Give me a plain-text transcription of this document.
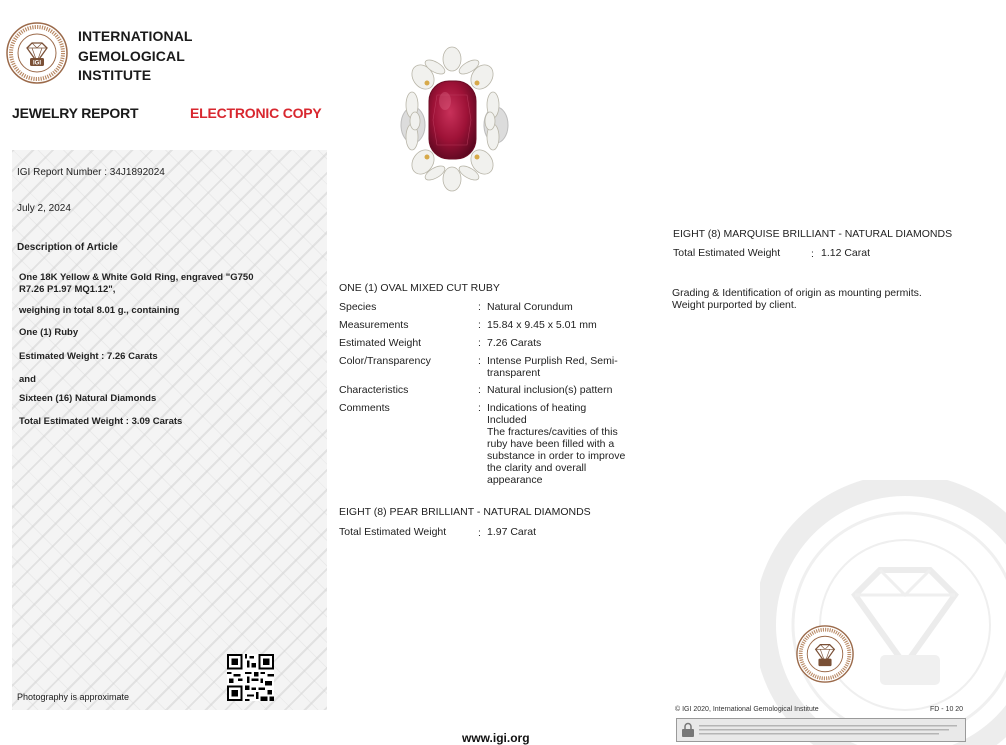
IGI
INTERNATIONAL
GEMOLOGICAL
INSTITUTE
JEWELRY REPORT	ELECTRONIC COPY
IGI Report Number : 34J1892024
July 2, 2024
Description of Article
One 18K Yellow & White Gold Ring, engraved "G750
R7.26 P1.97 MQ1.12",
weighing in total 8.01 g., containing
One (1) Ruby
Estimated Weight : 7.26 Carats
and
Sixteen (16) Natural Diamonds
Total Estimated Weight : 3.09 Carats
Photography is approximate
ONE (1) OVAL MIXED CUT RUBY
Species	: Natural Corundum
Measurements	: 15.84 x 9.45 x 5.01 mm
Estimated Weight	: 7.26 Carats
Color/Transparency	: Intense Purplish Red, Semi-transparent
Characteristics	: Natural inclusion(s) pattern
Comments	: Indications of heating
Included
The fractures/cavities of this
ruby have been filled with a
substance in order to improve
the clarity and overall
appearance
EIGHT (8) PEAR BRILLIANT - NATURAL DIAMONDS
Total Estimated Weight	: 1.97 Carat
EIGHT (8) MARQUISE BRILLIANT - NATURAL DIAMONDS
Total Estimated Weight	: 1.12 Carat
Grading & Identification of origin as mounting permits.
Weight purported by client.
© IGI 2020, International Gemological Institute	FD - 10 20
www.igi.org
